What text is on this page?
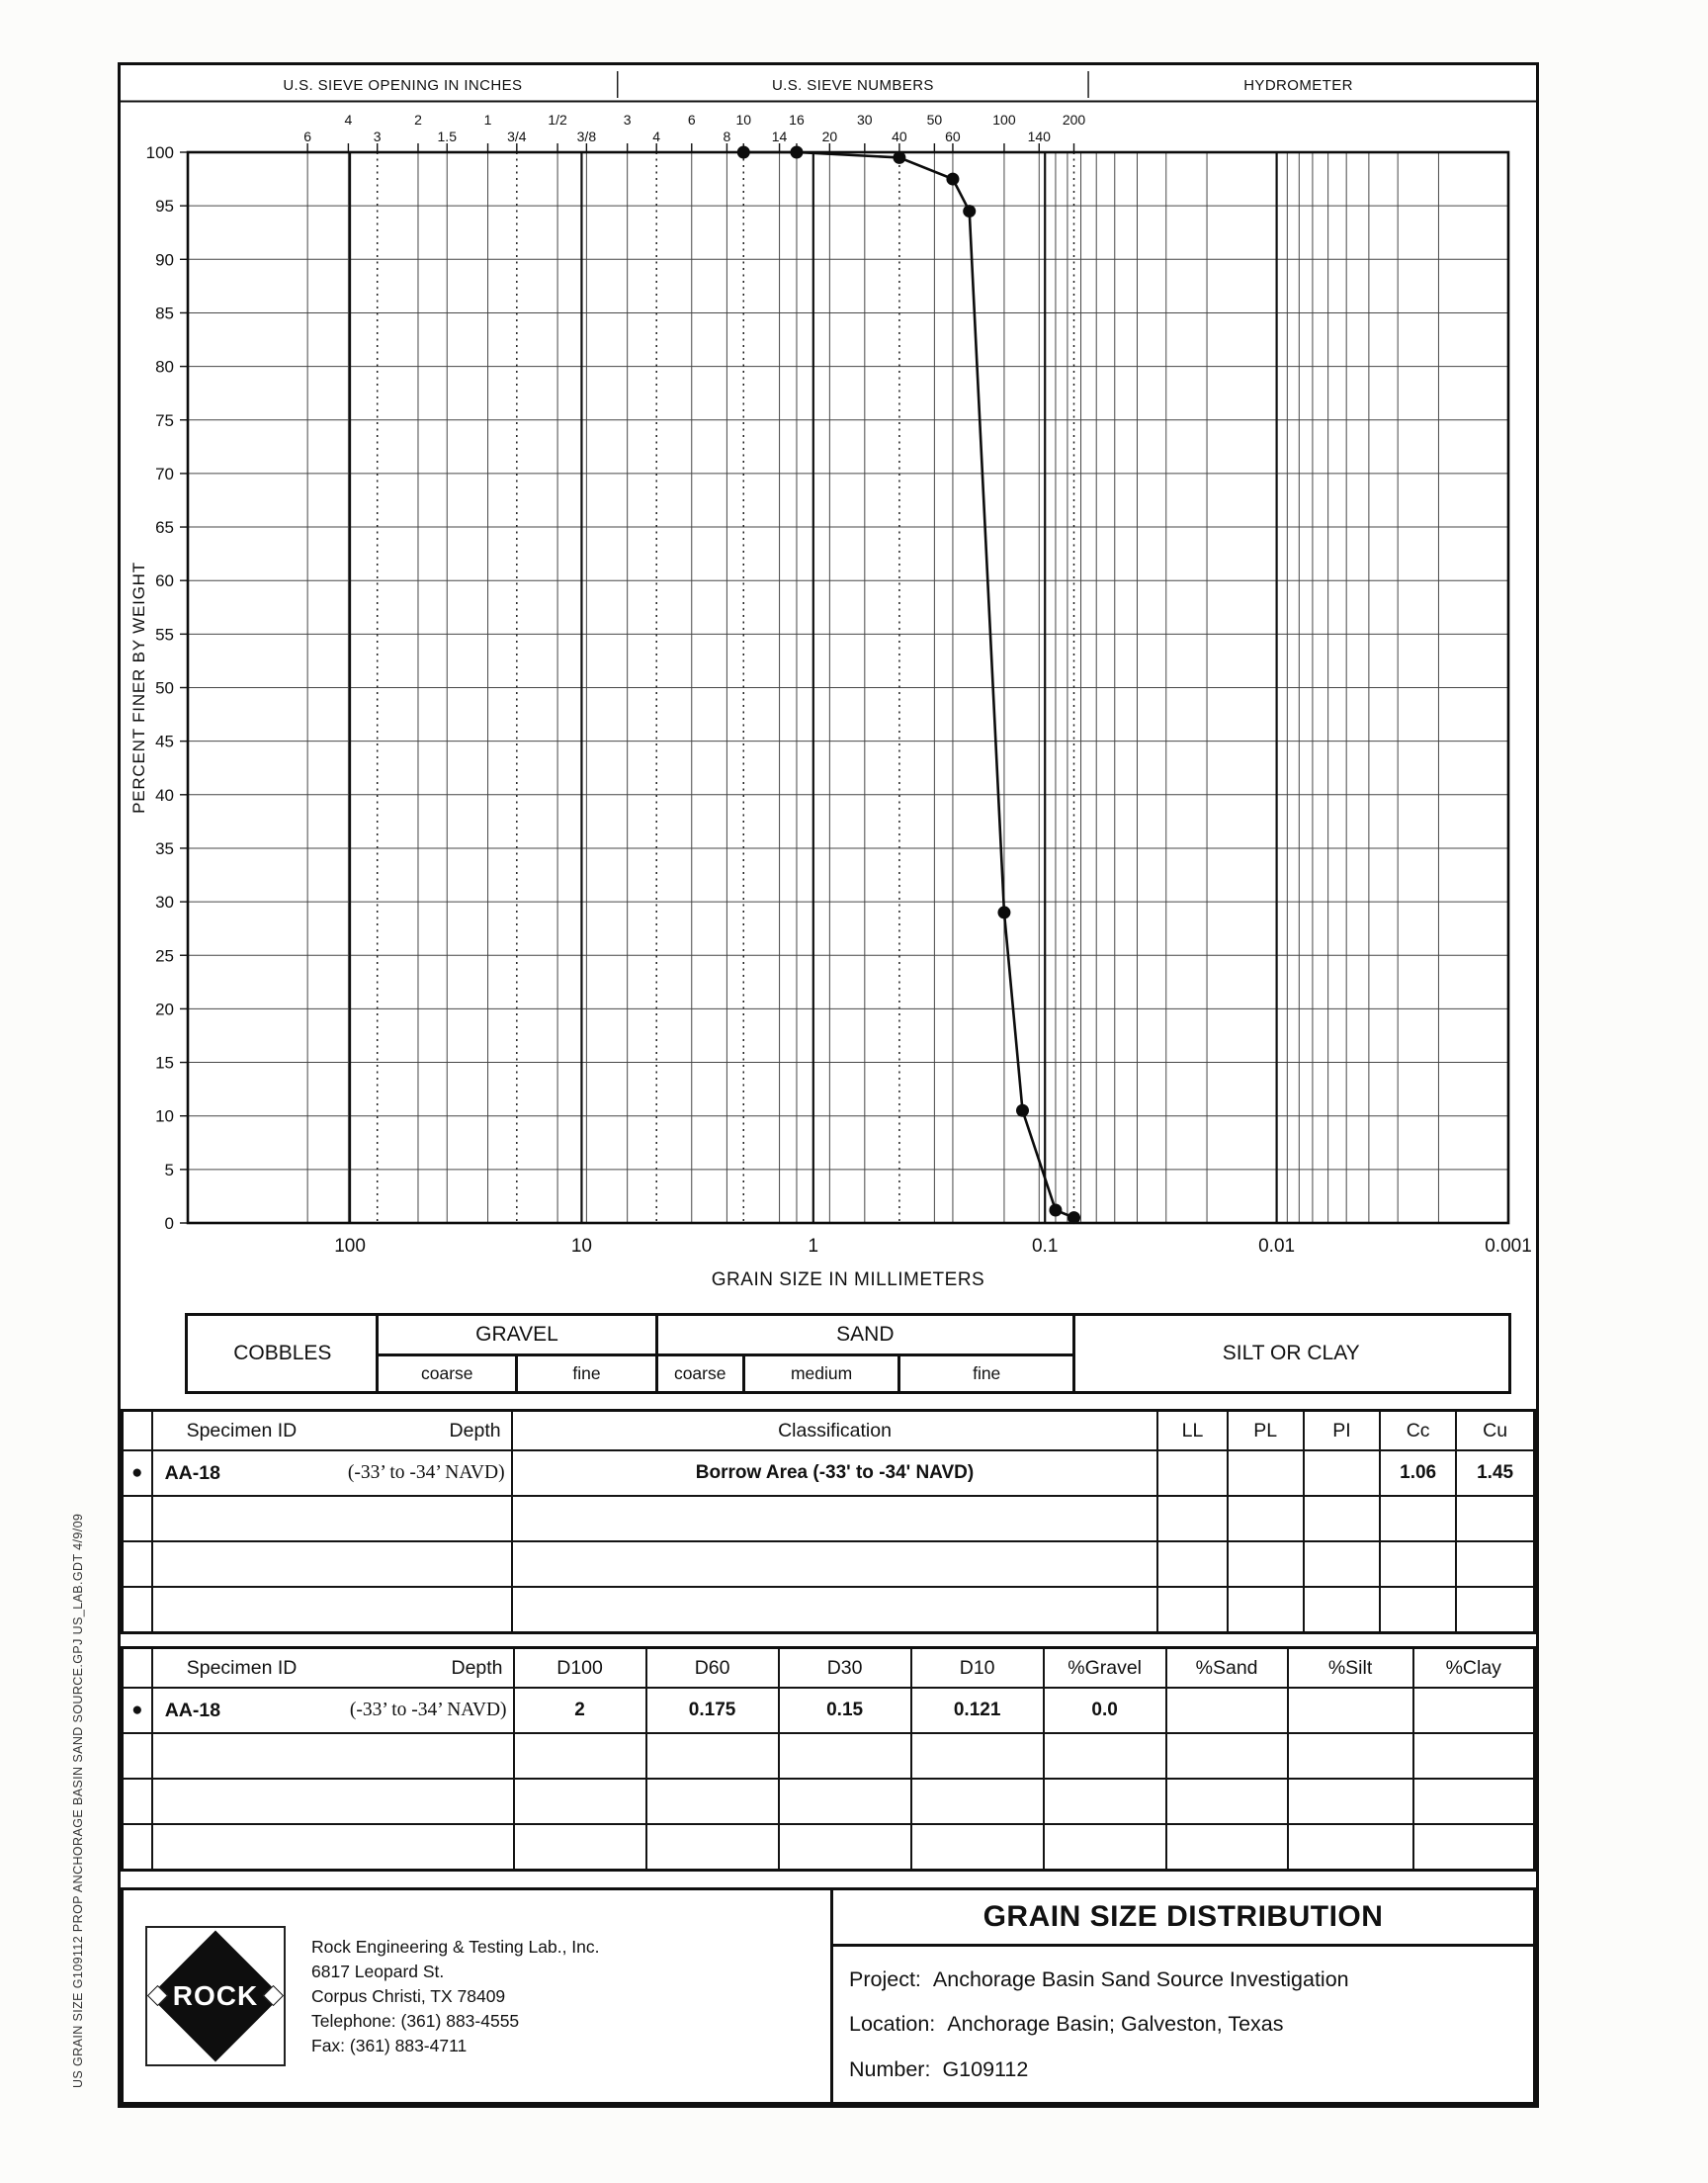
US GRAIN SIZE G109112 PROP ANCHORAGE BASIN SAND SOURCE.GPJ US_LAB.GDT 4/9/09
U.S. SIEVE OPENING IN INCHES	U.S. SIEVE NUMBERS	HYDROMETER
0
5
10
15
20
25
30
35
40
45
50
55
60
65
70
75
80
85
90
95
100
6
4
3
2
1.5
1
3/4
1/2
3/8
3
4
6
8
10
14
16
20
30
40
50
60
100
140
200
100	10	1	0.1	0.01	0.001
GRAIN SIZE IN MILLIMETERS
PERCENT FINER BY WEIGHT
COBBLES
GRAVEL
coarse	fine
SAND
coarse	medium	fine
SILT OR CLAY

	Specimen ID Depth	Classification	LL	PL	PI	Cc	Cu
●	AA-18 (-33’ to -34’ NAVD)	Borrow Area (-33' to -34' NAVD)				1.06	1.45

	Specimen ID Depth	D100	D60	D30	D10	%Gravel	%Sand	%Silt	%Clay
●	AA-18 (-33’ to -34’ NAVD)	2	0.175	0.15	0.121	0.0			

ROCK
Rock Engineering & Testing Lab., Inc.
6817 Leopard St.
Corpus Christi, TX 78409
Telephone: (361) 883-4555
Fax: (361) 883-4711
GRAIN SIZE DISTRIBUTION
Project: Anchorage Basin Sand Source Investigation
Location: Anchorage Basin; Galveston, Texas
Number: G109112
